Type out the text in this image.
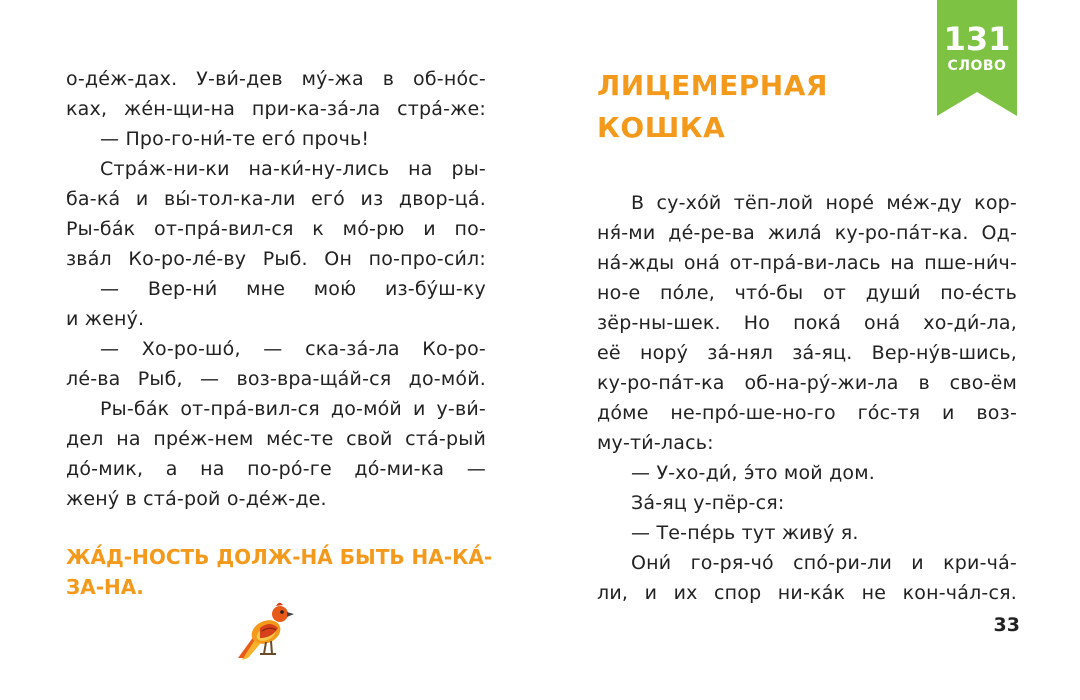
о-де́ж-дах. У-ви́-дев му́-жа в об-но́с-
ках, же́н-щи-на при-ка-за́-ла стра́-же:
— Про-го-ни́-те его́ прочь!
Стра́ж-ни-ки на-ки́-ну-лись на ры-
ба-ка́ и вы́-тол-ка-ли его́ из двор-ца́.
Ры-ба́к от-пра́-вил-ся к мо́-рю и по-
зва́л Ко-ро-ле́-ву Рыб. Он по-про-си́л:
— Вер-ни́ мне мою́ из-бу́ш-ку
и жену́.
— Хо-ро-шо́, — ска-за́-ла Ко-ро-
ле́-ва Рыб, — воз-вра-ща́й-ся до-мо́й.
Ры-ба́к от-пра́-вил-ся до-мо́й и у-ви́-
дел на пре́ж-нем ме́с-те свой ста́-рый
до́-мик, а на по-ро́-ге до́-ми-ка —
жену́ в ста́-рой о-де́ж-де.
ЖА́Д-НОСТЬ ДОЛЖ-НА́ БЫТЬ НА-КА́-
ЗА-НА.
ЛИЦЕМЕРНАЯ
КОШКА
В су-хо́й тёп-лой норе́ ме́ж-ду кор-
ня́-ми де́-ре-ва жила́ ку-ро-па́т-ка. Од-
на́-жды она́ от-пра́-ви-лась на пше-ни́ч-
но-е по́ле, что́-бы от души́ по-е́сть
зёр-ны-шек. Но пока́ она́ хо-ди́-ла,
её нору́ за́-нял за́-яц. Вер-ну́в-шись,
ку-ро-па́т-ка об-на-ру́-жи-ла в сво-ём
до́ме не-про́-ше-но-го го́с-тя и воз-
му-ти́-лась:
— У-хо-ди́, э́то мой дом.
За́-яц у-пёр-ся:
— Те-пе́рь тут живу́ я.
Они́ го-ря-чо́ спо́-ри-ли и кри-ча́-
ли, и их спор ни-ка́к не кон-ча́л-ся.
131
СЛОВО
33
